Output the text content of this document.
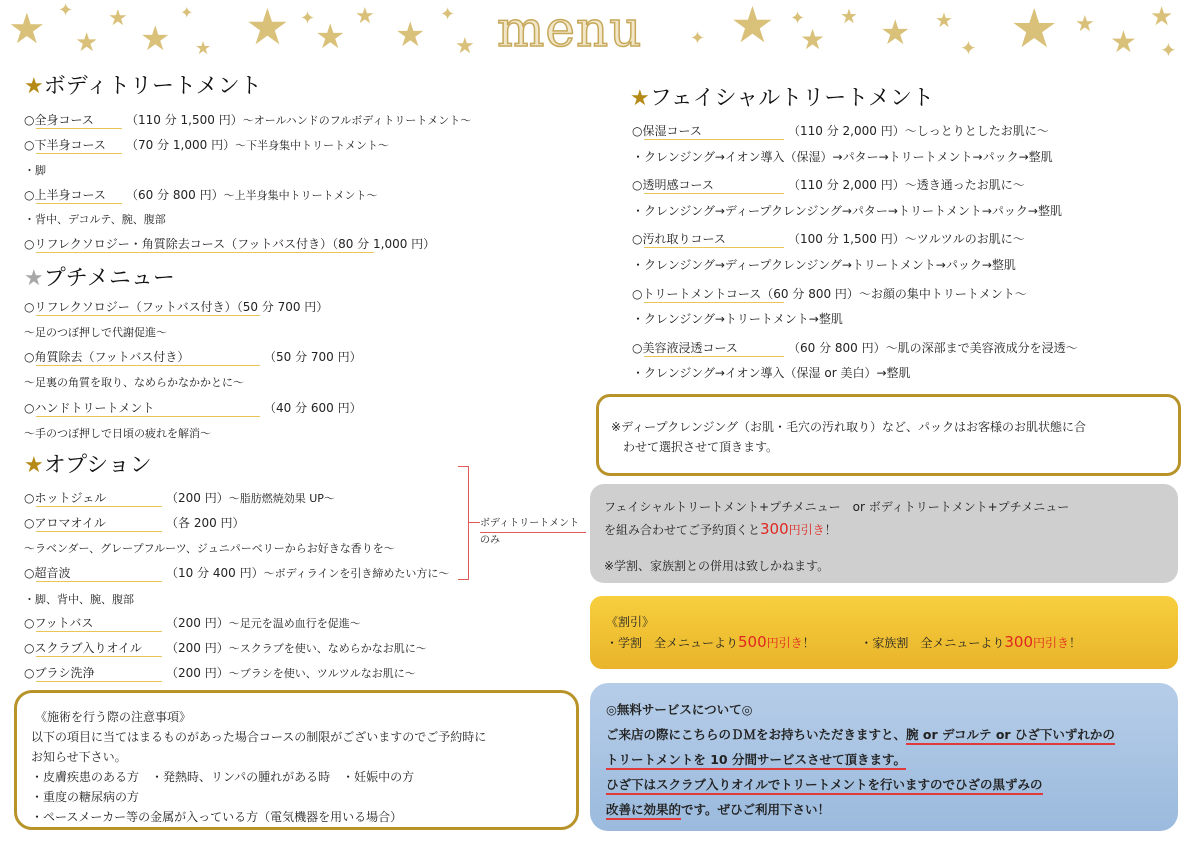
★ ✦
★
★
★
✦
★ ★ ✦ ★
★ ★
✦
★	✦ ★ ✦
★
★ ★ ★
✦ ★ ★
★
★
✦
menu
★ボディトリートメント
○全身コース	（110 分 1,500 円）～オールハンドのフルボディトリートメント～
○下半身コース （70 分 1,000 円）～下半身集中トリートメント～
・脚
○上半身コース （60 分 800 円）～上半身集中トリートメント～
・背中、デコルテ、腕、腹部
○リフレクソロジー・角質除去コース（フットバス付き）（80 分 1,000 円）
★プチメニュー
○リフレクソロジー（フットバス付き）（50 分 700 円）
～足のつぼ押しで代謝促進～
○角質除去（フットバス付き）	（50 分 700 円）
～足裏の角質を取り、なめらかなかかとに～
○ハンドトリートメント	（40 分 600 円）
～手のつぼ押しで日頃の疲れを解消～
★オプション
○ホットジェル	（200 円）～脂肪燃焼効果 UP～
○アロマオイル	（各 200 円）
～ラベンダー、グレープフルーツ、ジュニパーベリーからお好きな香りを～
○超音波	（10 分 400 円）～ボディラインを引き締めたい方に～
・脚、背中、腕、腹部
○フットバス	（200 円）～足元を温め血行を促進～
○スクラブ入りオイル （200 円）～スクラブを使い、なめらかなお肌に～
○ブラシ洗浄	（200 円）～ブラシを使い、ツルツルなお肌に～
ボディトリートメント
のみ
《施術を行う際の注意事項》
以下の項目に当てはまるものがあった場合コースの制限がございますのでご予約時に
お知らせ下さい。
・皮膚疾患のある方　・発熱時、リンパの腫れがある時　・妊娠中の方
・重度の糖尿病の方
・ペースメーカー等の金属が入っている方（電気機器を用いる場合）
★フェイシャルトリートメント
○保湿コース	（110 分 2,000 円）～しっとりとしたお肌に～
・クレンジング→イオン導入（保湿）→パター→トリートメント→パック→整肌
○透明感コース	（110 分 2,000 円）～透き通ったお肌に～
・クレンジング→ディープクレンジング→パター→トリートメント→パック→整肌
○汚れ取りコース	（100 分 1,500 円）～ツルツルのお肌に～
・クレンジング→ディープクレンジング→トリートメント→パック→整肌
○トリートメントコース（60 分 800 円）～お顔の集中トリートメント～
・クレンジング→トリートメント→整肌
○美容液浸透コース	（60 分 800 円）～肌の深部まで美容液成分を浸透～
・クレンジング→イオン導入（保湿 or 美白）→整肌
※ディープクレンジング（お肌・毛穴の汚れ取り）など、パックはお客様のお肌状態に合
　わせて選択させて頂きます。
フェイシャルトリートメント+プチメニュー　or ボディトリートメント+プチメニュー
を組み合わせてご予約頂くと300円引き！
※学割、家族割との併用は致しかねます。
《割引》
・学割　全メニューより500円引き！	・家族割　全メニューより300円引き！
◎無料サービスについて◎
ご来店の際にこちらのＤＭをお持ちいただきますと、腕 or デコルテ or ひざ下いずれかの
トリートメントを 10 分間サービスさせて頂きます。
ひざ下はスクラブ入りオイルでトリートメントを行いますのでひざの黒ずみの
改善に効果的です。ぜひご利用下さい！
